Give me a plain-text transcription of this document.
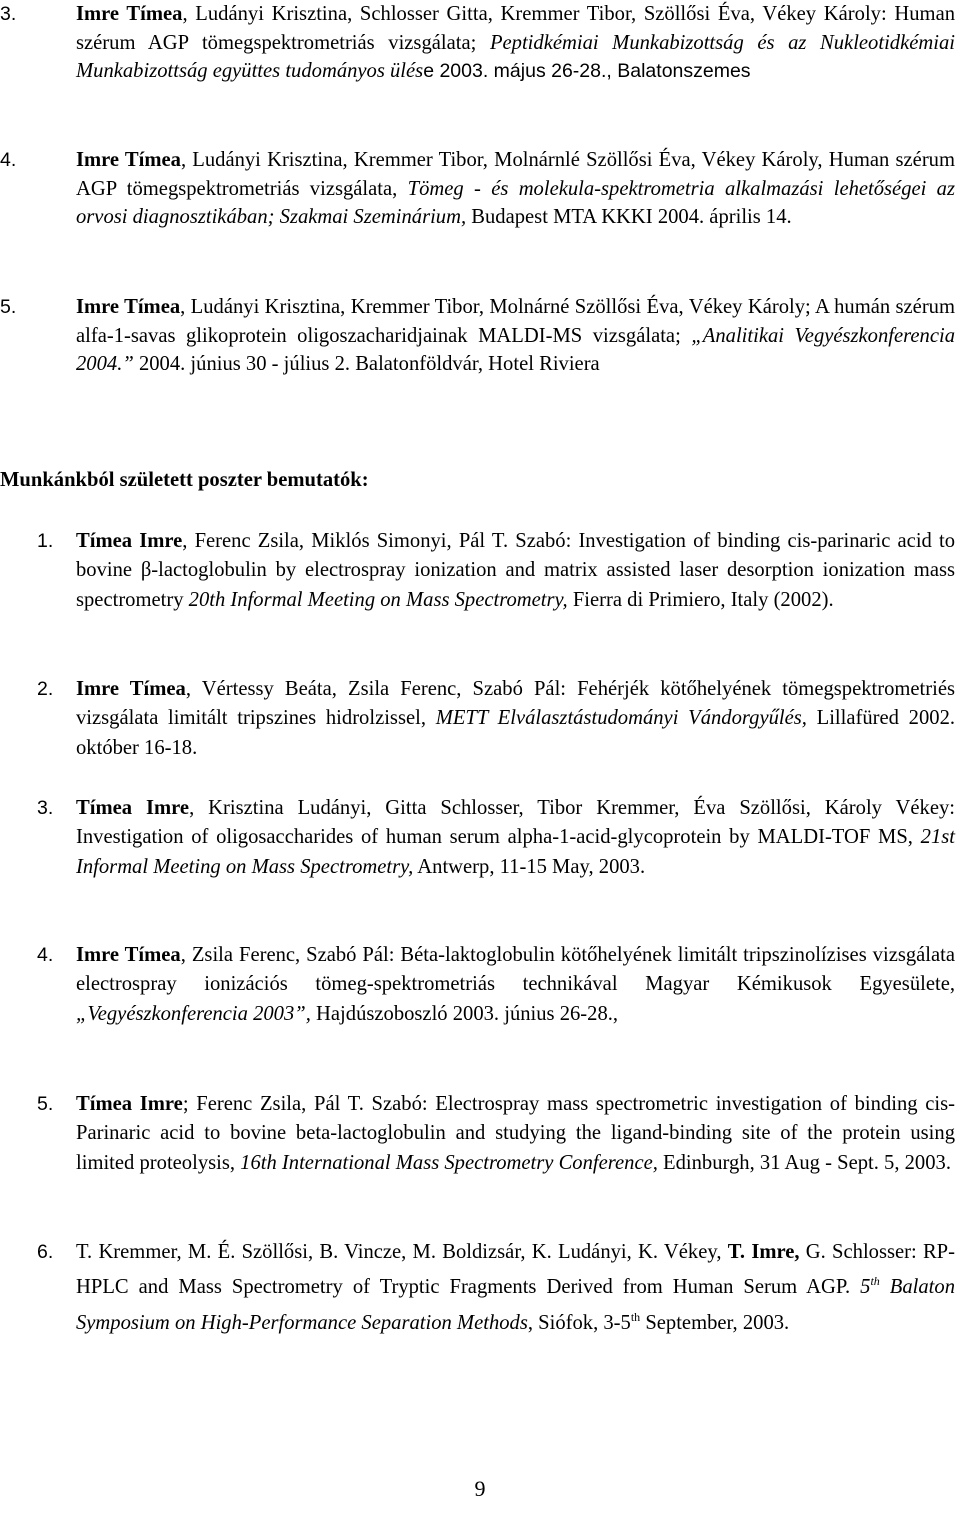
3.	Imre Tímea, Ludányi Krisztina, Schlosser Gitta, Kremmer Tibor, Szöllősi Éva, Vékey Károly: Human szérum AGP tömegspektrometriás vizsgálata; Peptidkémiai Munkabizottság és az Nukleotidkémiai Munkabizottság együttes tudományos ülése 2003. május 26-28., Balatonszemes
4.	Imre Tímea, Ludányi Krisztina, Kremmer Tibor, Molnárnlé Szöllősi Éva, Vékey Károly, Human szérum AGP tömegspektrometriás vizsgálata, Tömeg - és molekula-spektrometria alkalmazási lehetőségei az orvosi diagnosztikában; Szakmai Szeminárium, Budapest MTA KKKI 2004. április 14.
5.	Imre Tímea, Ludányi Krisztina, Kremmer Tibor, Molnárné Szöllősi Éva, Vékey Károly; A humán szérum alfa-1-savas glikoprotein oligoszacharidjainak MALDI-MS vizsgálata; „Analitikai Vegyészkonferencia 2004.” 2004. június 30 - július 2. Balatonföldvár, Hotel Riviera
Munkánkból született poszter bemutatók:
1. Tímea Imre, Ferenc Zsila, Miklós Simonyi, Pál T. Szabó: Investigation of binding cis-parinaric acid to bovine β-lactoglobulin by electrospray ionization and matrix assisted laser desorption ionization mass spectrometry 20th Informal Meeting on Mass Spectrometry, Fierra di Primiero, Italy (2002).
2. Imre Tímea, Vértessy Beáta, Zsila Ferenc, Szabó Pál: Fehérjék kötőhelyének tömegspektrometriés vizsgálata limitált tripszines hidrolzissel, METT Elválasztástudományi Vándorgyűlés, Lillafüred 2002. október 16-18.
3. Tímea Imre, Krisztina Ludányi, Gitta Schlosser, Tibor Kremmer, Éva Szöllősi, Károly Vékey: Investigation of oligosaccharides of human serum alpha-1-acid-glycoprotein by MALDI-TOF MS, 21st Informal Meeting on Mass Spectrometry, Antwerp, 11-15 May, 2003.
4. Imre Tímea, Zsila Ferenc, Szabó Pál: Béta-laktoglobulin kötőhelyének limitált tripszinolízises vizsgálata electrospray ionizációs tömeg-spektrometriás technikával Magyar Kémikusok Egyesülete, „Vegyészkonferencia 2003”, Hajdúszoboszló 2003. június 26-28.,
5. Tímea Imre; Ferenc Zsila, Pál T. Szabó: Electrospray mass spectrometric investigation of binding cis-Parinaric acid to bovine beta-lactoglobulin and studying the ligand-binding site of the protein using limited proteolysis, 16th International Mass Spectrometry Conference, Edinburgh, 31 Aug - Sept. 5, 2003.
6. T. Kremmer, M. É. Szöllősi, B. Vincze, M. Boldizsár, K. Ludányi, K. Vékey, T. Imre, G. Schlosser: RP-HPLC and Mass Spectrometry of Tryptic Fragments Derived from Human Serum AGP. 5th Balaton Symposium on High-Performance Separation Methods, Siófok, 3-5th September, 2003.
9
